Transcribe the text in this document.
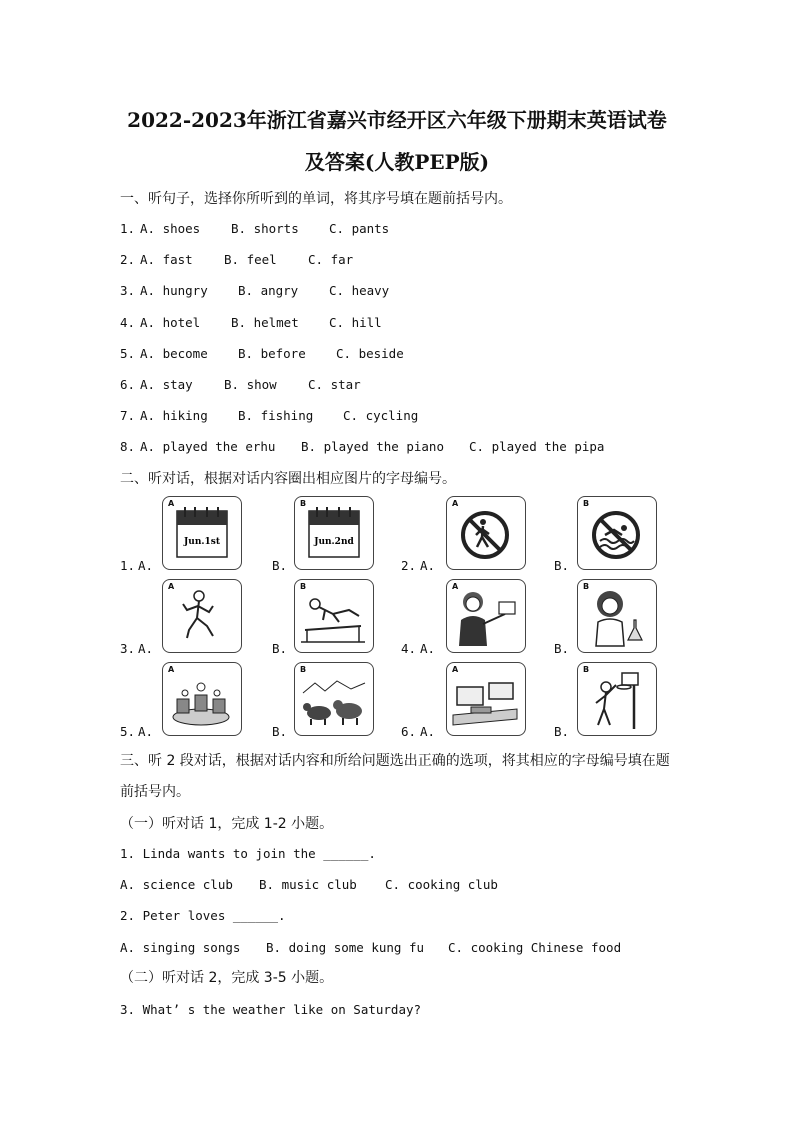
2022-2023年浙江省嘉兴市经开区六年级下册期末英语试卷
及答案(人教PEP版)
一、听句子，选择你所听到的单词，将其序号填在题前括号内。
1. A. shoes B. shorts C. pants
2. A. fast	B. feel	C. far
3. A. hungry B. angry C. heavy
4. A. hotel B. helmet C. hill
5. A. become B. before C. beside
6. A. stay	B. show	C. star
7. A. hiking B. fishing C. cycling
8. A. played the erhu B. played the piano C. played the pipa
二、听对话，根据对话内容圈出相应图片的字母编号。
1. A.	B.	2. A.	B.
A
Jun.1st
B
Jun.2nd
A	B
3. A.	B.	4. A.	B.
A	B	A	B
5. A.	B.	6. A.	B.
A	B	A	B
三、听 2 段对话，根据对话内容和所给问题选出正确的选项，将其相应的字母编号填在题
前括号内。
（一）听对话 1，完成 1-2 小题。
1. Linda wants to join the ______.
A. science club B. music club C. cooking club
2. Peter loves ______.
A. singing songs B. doing some kung fu C. cooking Chinese food
（二）听对话 2，完成 3-5 小题。
3. What’ s the weather like on Saturday?
